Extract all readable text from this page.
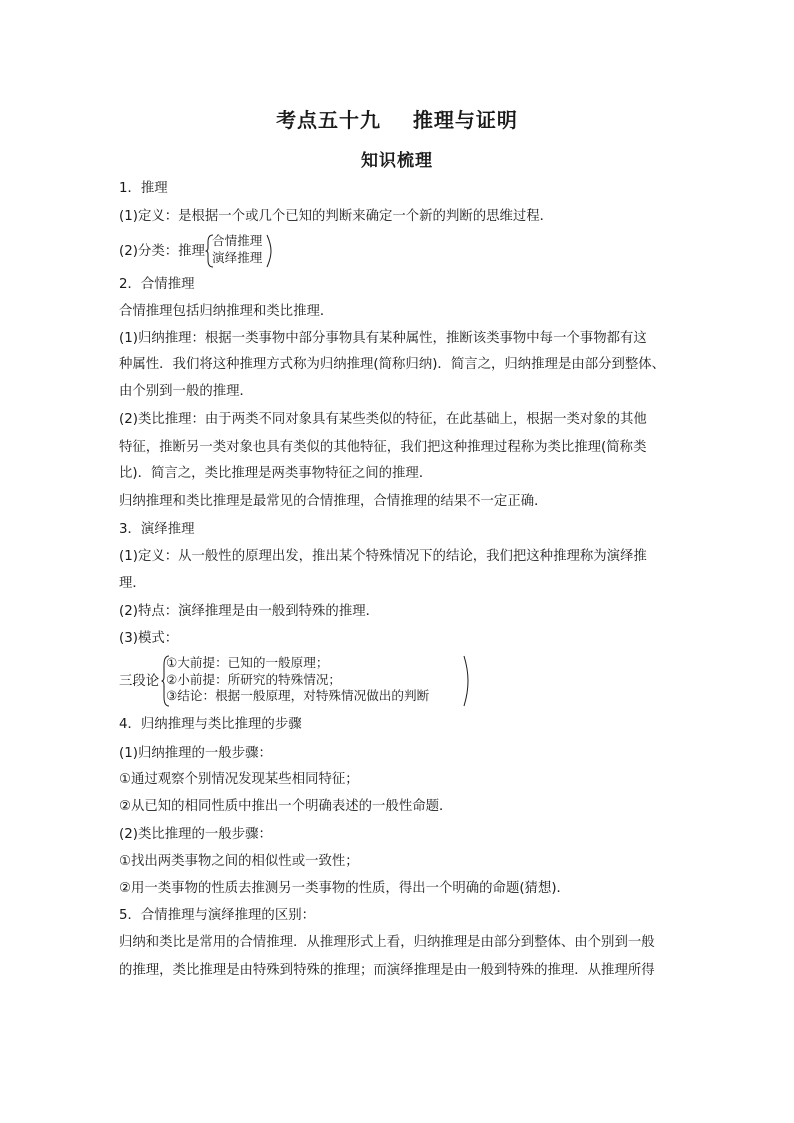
考点五十九    推理与证明
知识梳理
1．推理
(1)定义：是根据一个或几个已知的判断来确定一个新的判断的思维过程．
(2)分类：推理
合情推理
演绎推理
2．合情推理
合情推理包括归纳推理和类比推理．
(1)归纳推理：根据一类事物中部分事物具有某种属性，推断该类事物中每一个事物都有这
种属性．我们将这种推理方式称为归纳推理(简称归纳)．简言之，归纳推理是由部分到整体、
由个别到一般的推理．
(2)类比推理：由于两类不同对象具有某些类似的特征，在此基础上，根据一类对象的其他
特征，推断另一类对象也具有类似的其他特征，我们把这种推理过程称为类比推理(简称类
比)．简言之，类比推理是两类事物特征之间的推理．
归纳推理和类比推理是最常见的合情推理，合情推理的结果不一定正确．
3．演绎推理
(1)定义：从一般性的原理出发，推出某个特殊情况下的结论，我们把这种推理称为演绎推
理．
(2)特点：演绎推理是由一般到特殊的推理．
(3)模式：
三段论
①大前提：已知的一般原理；
②小前提：所研究的特殊情况；
③结论：根据一般原理，对特殊情况做出的判断
4．归纳推理与类比推理的步骤
(1)归纳推理的一般步骤：
①通过观察个别情况发现某些相同特征；
②从已知的相同性质中推出一个明确表述的一般性命题．
(2)类比推理的一般步骤：
①找出两类事物之间的相似性或一致性；
②用一类事物的性质去推测另一类事物的性质，得出一个明确的命题(猜想)．
5．合情推理与演绎推理的区别：
归纳和类比是常用的合情推理．从推理形式上看，归纳推理是由部分到整体、由个别到一般
的推理，类比推理是由特殊到特殊的推理；而演绎推理是由一般到特殊的推理．从推理所得
